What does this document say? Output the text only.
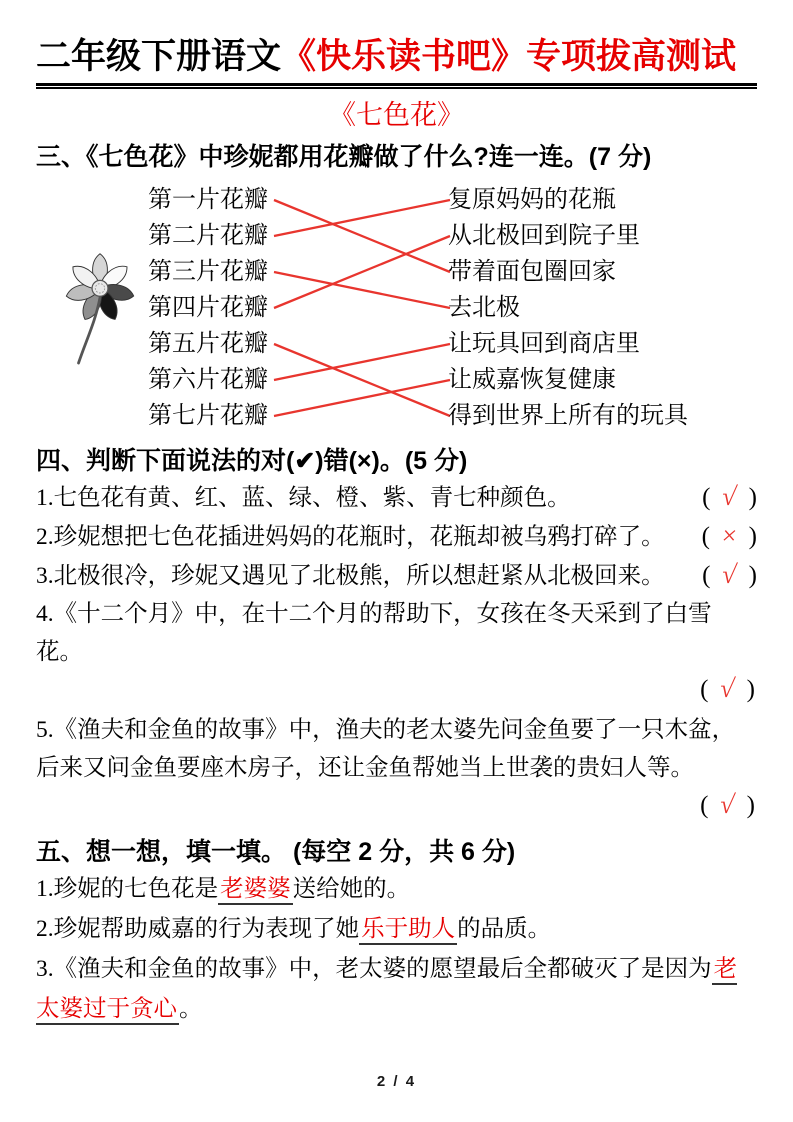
二年级下册语文《快乐读书吧》专项拔高测试
《七色花》
三、《七色花》中珍妮都用花瓣做了什么?连一连。(7 分)
第一片花瓣
第二片花瓣
第三片花瓣
第四片花瓣
第五片花瓣
第六片花瓣
第七片花瓣
复原妈妈的花瓶
从北极回到院子里
带着面包圈回家
去北极
让玩具回到商店里
让威嘉恢复健康
得到世界上所有的玩具
四、判断下面说法的对(✔)错(×)。(5 分)
1.七色花有黄、红、蓝、绿、橙、紫、青七种颜色。	( √ )
2.珍妮想把七色花插进妈妈的花瓶时，花瓶却被乌鸦打碎了。 ( × )
3.北极很冷，珍妮又遇见了北极熊，所以想赶紧从北极回来。 ( √ )
4.《十二个月》中，在十二个月的帮助下，女孩在冬天采到了白雪花。
( √ )
5.《渔夫和金鱼的故事》中，渔夫的老太婆先问金鱼要了一只木盆，后来又问金鱼要座木房子，还让金鱼帮她当上世袭的贵妇人等。
( √ )
五、想一想，填一填。 (每空 2 分，共 6 分)
1.珍妮的七色花是老婆婆送给她的。
2.珍妮帮助威嘉的行为表现了她乐于助人的品质。
3.《渔夫和金鱼的故事》中，老太婆的愿望最后全都破灭了是因为老太婆过于贪心。
2 / 4
